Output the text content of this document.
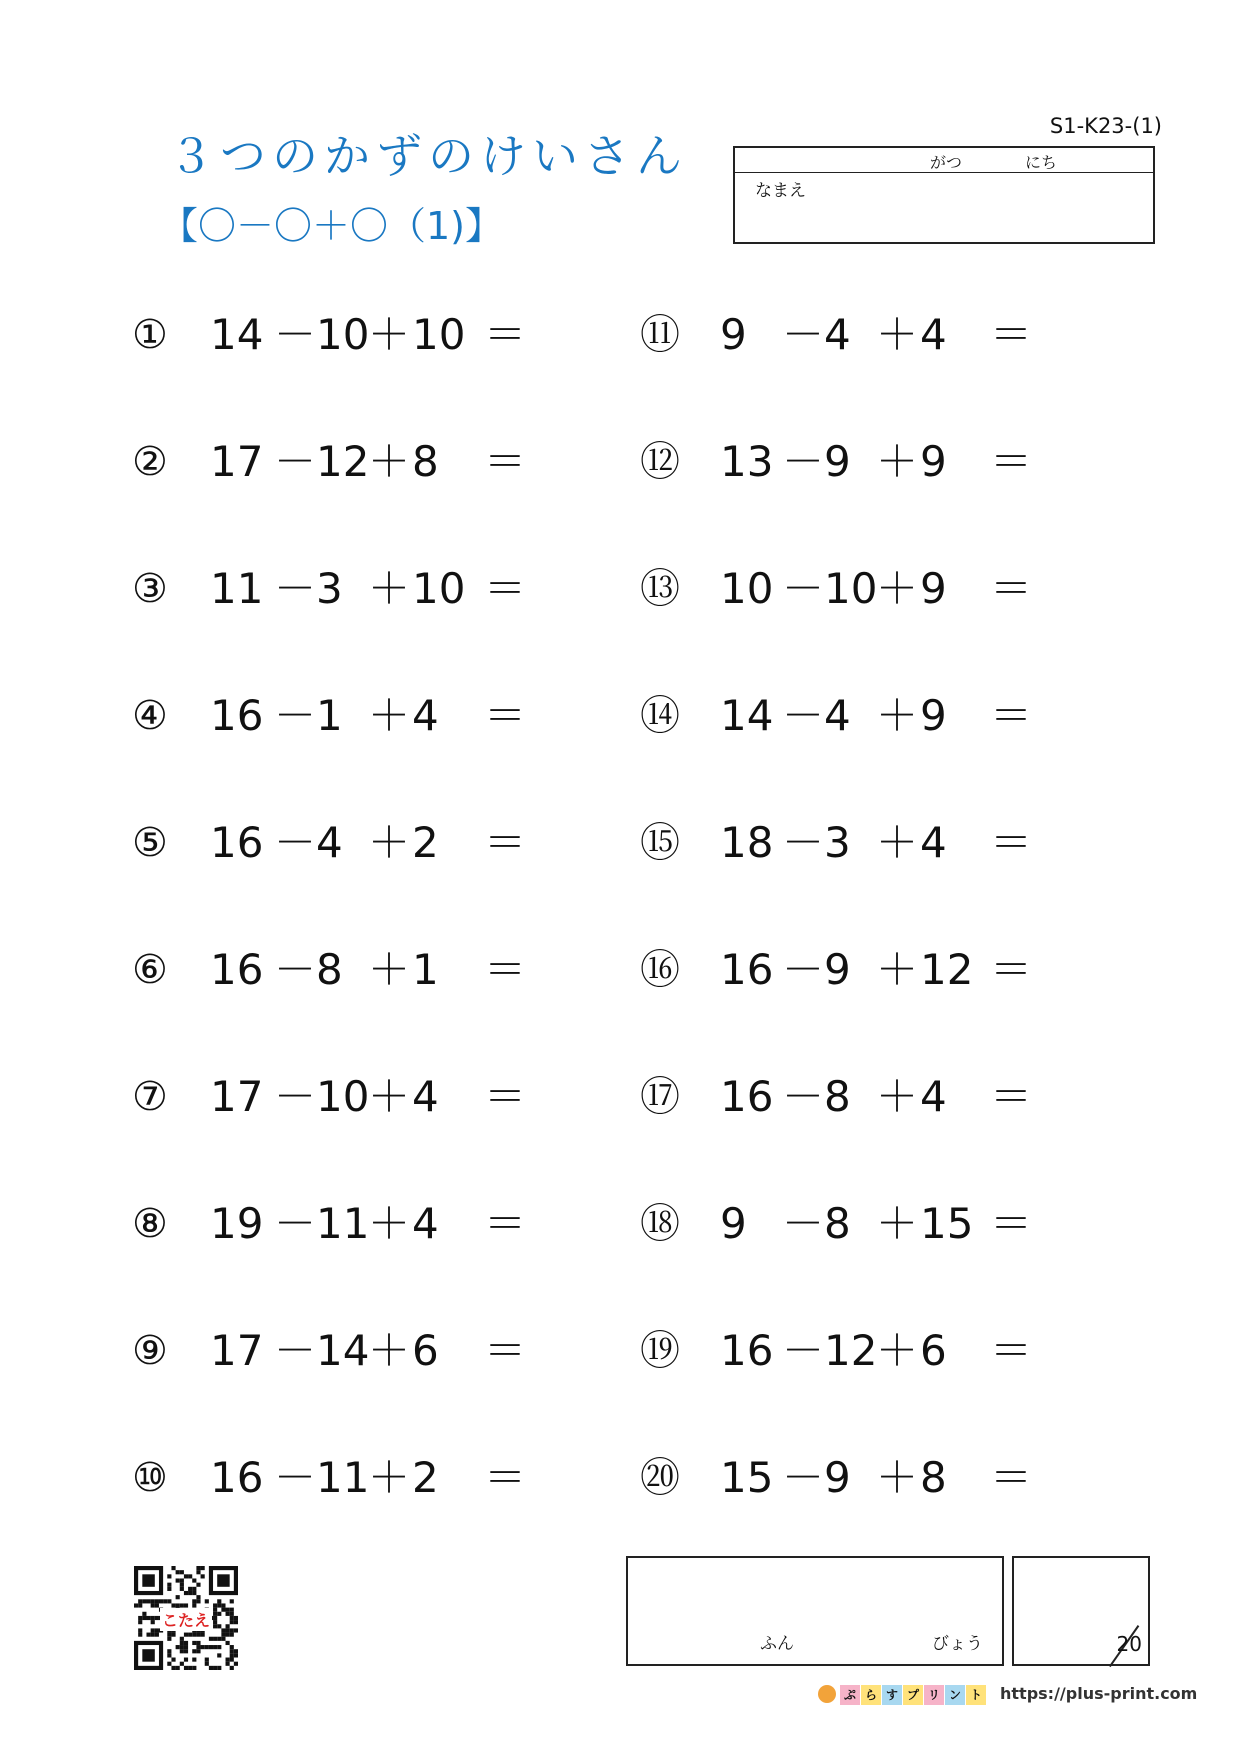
３つのかずのけいさん
【〇－〇＋〇（1)】
S1-K23-(1)
がつ	にち
なまえ
① 14 － 10
＋ 10 ＝
② 17 － 12
＋ 8 ＝
③ 11 － 3 ＋ 10 ＝
④ 16 － 1 ＋ 4 ＝
⑤ 16 － 4 ＋ 2 ＝
⑥ 16 － 8 ＋ 1 ＝
⑦ 17 － 10
＋ 4 ＝
⑧ 19 － 11
＋ 4 ＝
⑨ 17 － 14
＋ 6 ＝
⑩ 16 － 11
＋ 2 ＝
⑪ 9 － 4 ＋ 4 ＝
⑫ 13 － 9 ＋ 9 ＝
⑬ 10 － 10
＋ 9 ＝
⑭ 14 － 4 ＋ 9 ＝
⑮ 18 － 3 ＋ 4 ＝
⑯ 16 － 9 ＋ 12 ＝
⑰ 16 － 8 ＋ 4 ＝
⑱ 9 － 8 ＋ 15 ＝
⑲ 16 － 12
＋ 6 ＝
⑳ 15 － 9 ＋ 8 ＝
こたえ
ふん	びょう	20
ぷ ら す プ リ ン ト	https://plus-print.com
